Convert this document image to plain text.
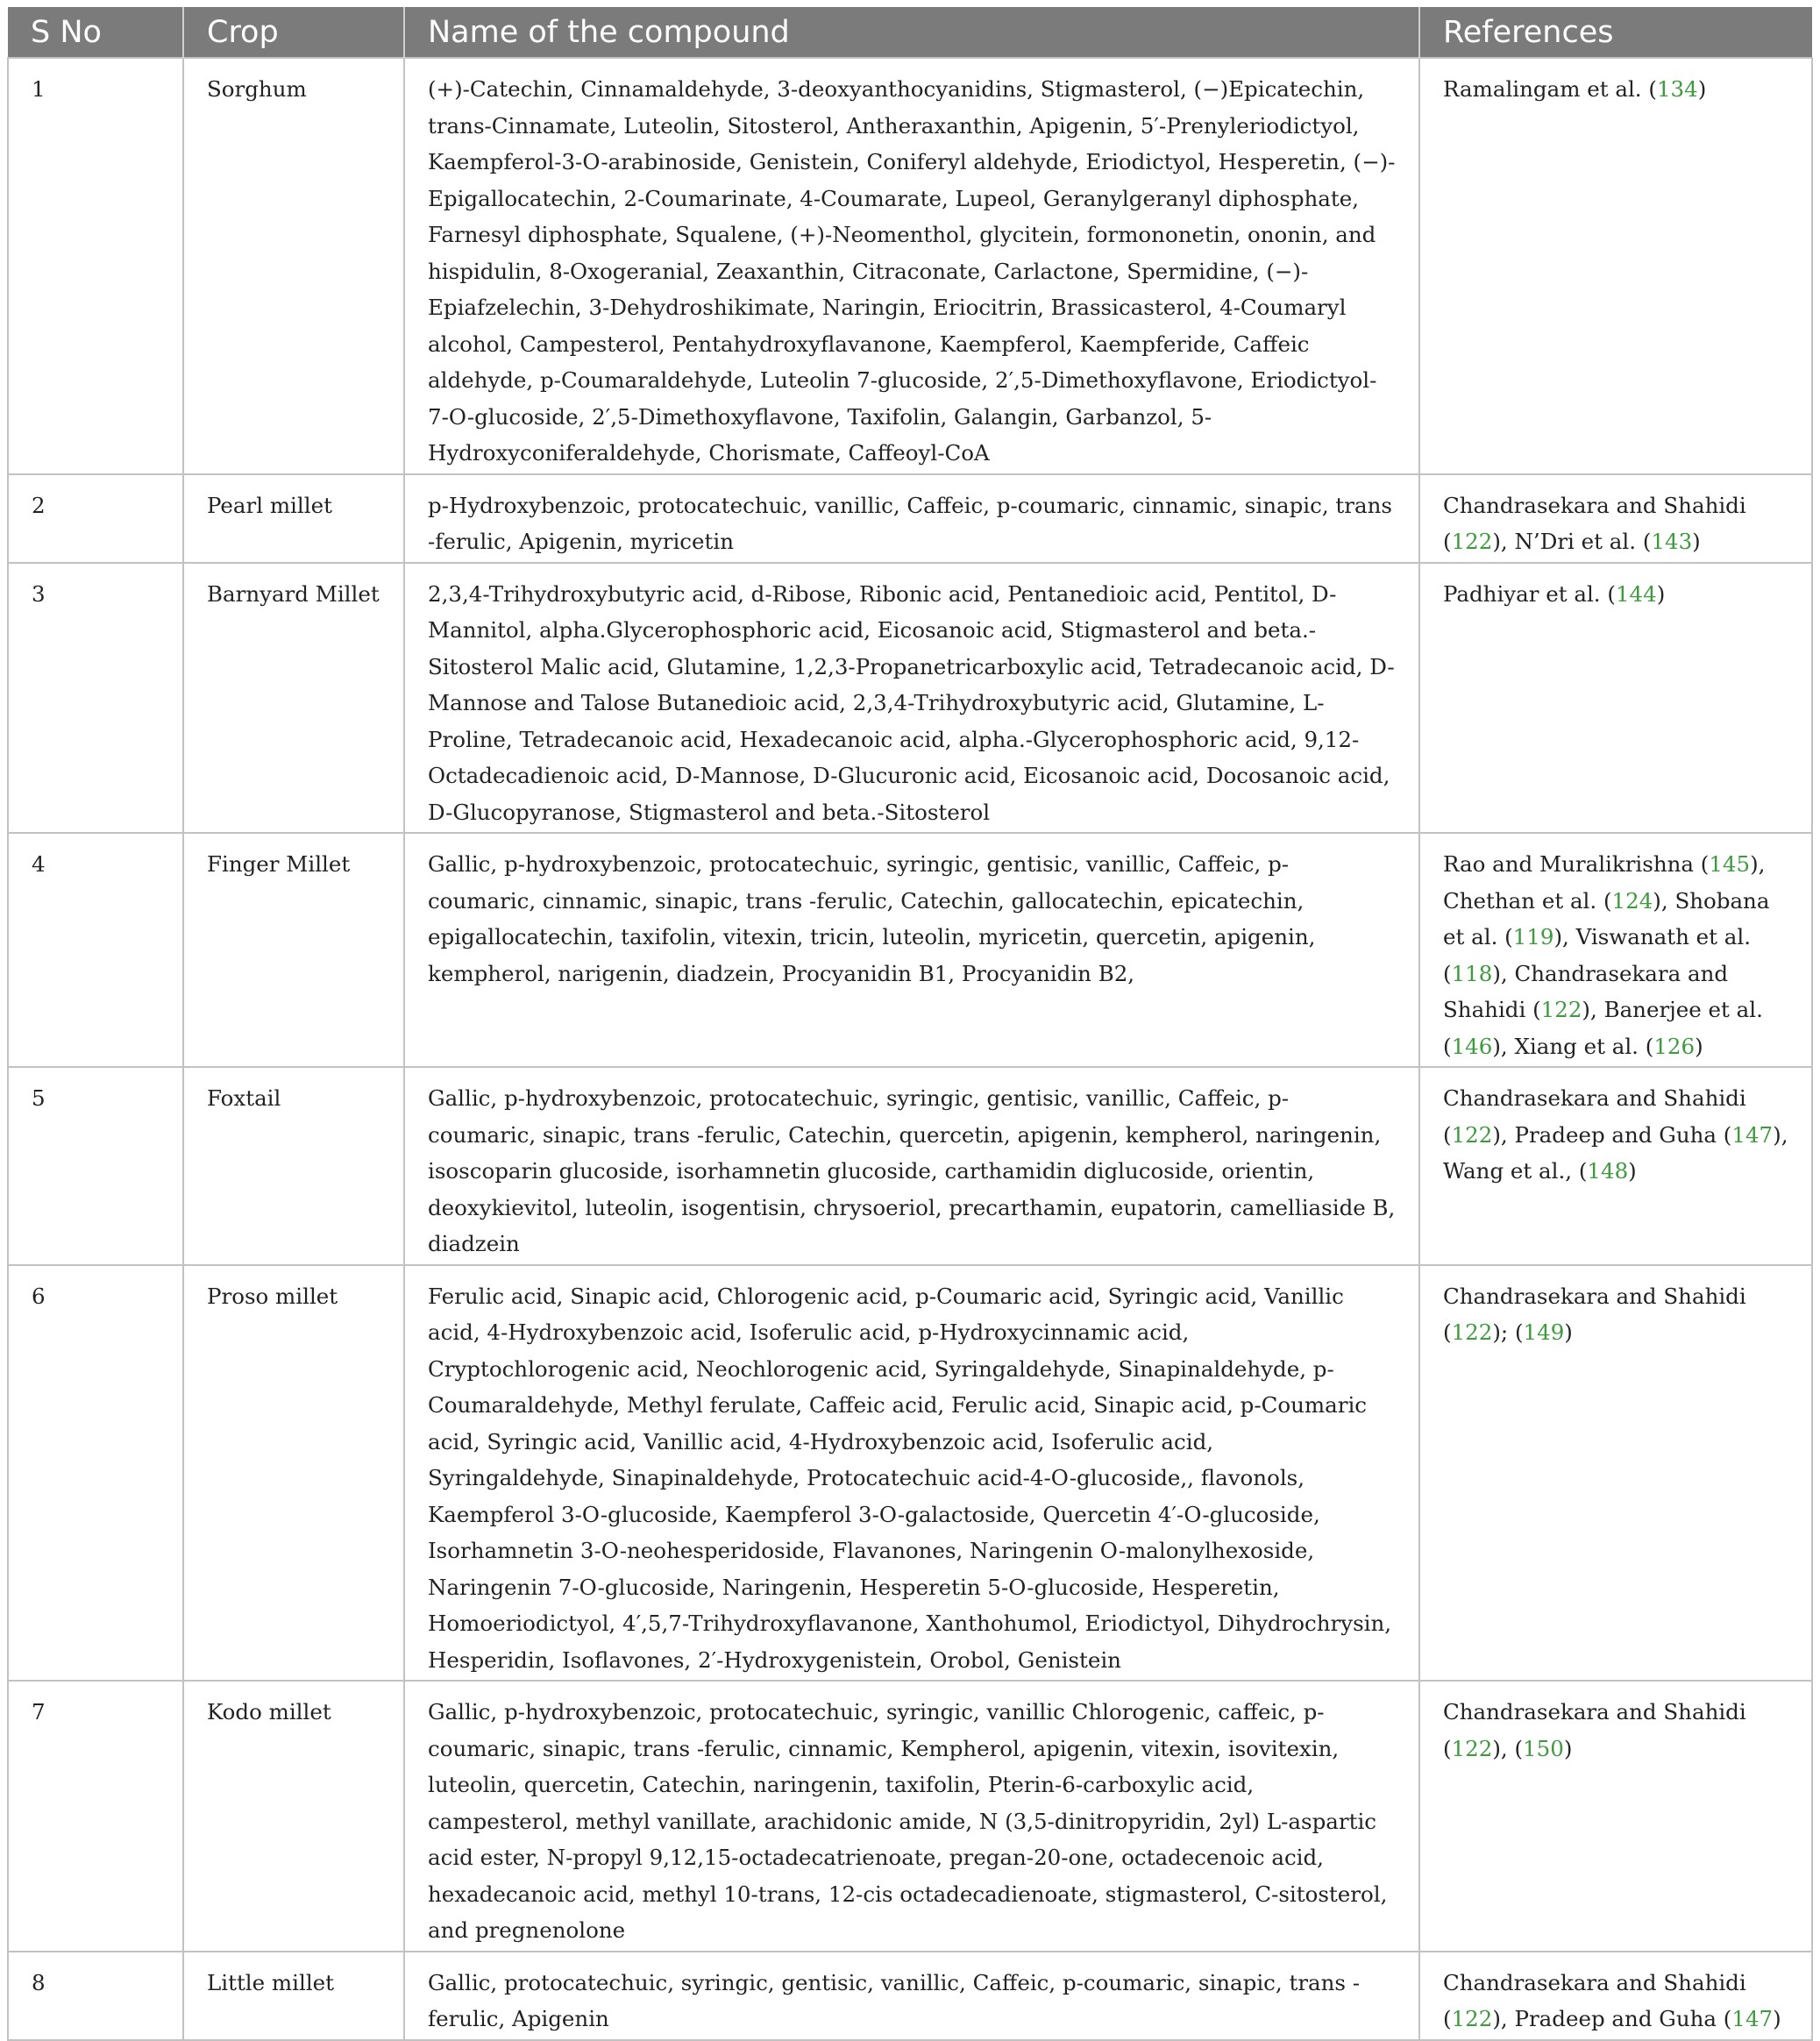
S No	Crop	Name of the compound	References
1	Sorghum	(+)-Catechin, Cinnamaldehyde, 3-deoxyanthocyanidins, Stigmasterol, (−)Epicatechin, trans-Cinnamate, Luteolin, Sitosterol, Antheraxanthin, Apigenin, 5′-Prenyleriodictyol, Kaempferol-3-O-arabinoside, Genistein, Coniferyl aldehyde, Eriodictyol, Hesperetin, (−)-Epigallocatechin, 2-Coumarinate, 4-Coumarate, Lupeol, Geranylgeranyl diphosphate, Farnesyl diphosphate, Squalene, (+)-Neomenthol, glycitein, formononetin, ononin, and hispidulin, 8-Oxogeranial, Zeaxanthin, Citraconate, Carlactone, Spermidine, (−)-Epiafzelechin, 3-Dehydroshikimate, Naringin, Eriocitrin, Brassicasterol, 4-Coumaryl alcohol, Campesterol, Pentahydroxyflavanone, Kaempferol, Kaempferide, Caffeic aldehyde, p-Coumaraldehyde, Luteolin 7-glucoside, 2′,5-Dimethoxyflavone, Eriodictyol-7-O-glucoside, 2′,5-Dimethoxyflavone, Taxifolin, Galangin, Garbanzol, 5-Hydroxyconiferaldehyde, Chorismate, Caffeoyl-CoA	Ramalingam et al. (134)
2	Pearl millet	p-Hydroxybenzoic, protocatechuic, vanillic, Caffeic, p-coumaric, cinnamic, sinapic, trans -ferulic, Apigenin, myricetin	Chandrasekara and Shahidi (122), N’Dri et al. (143)
3	Barnyard Millet	2,3,4-Trihydroxybutyric acid, d-Ribose, Ribonic acid, Pentanedioic acid, Pentitol, D-Mannitol, alpha.Glycerophosphoric acid, Eicosanoic acid, Stigmasterol and beta.-Sitosterol Malic acid, Glutamine, 1,2,3-Propanetricarboxylic acid, Tetradecanoic acid, D-Mannose and Talose Butanedioic acid, 2,3,4-Trihydroxybutyric acid, Glutamine, L-Proline, Tetradecanoic acid, Hexadecanoic acid, alpha.-Glycerophosphoric acid, 9,12-Octadecadienoic acid, D-Mannose, D-Glucuronic acid, Eicosanoic acid, Docosanoic acid, D-Glucopyranose, Stigmasterol and beta.-Sitosterol	Padhiyar et al. (144)
4	Finger Millet	Gallic, p-hydroxybenzoic, protocatechuic, syringic, gentisic, vanillic, Caffeic, p-coumaric, cinnamic, sinapic, trans -ferulic, Catechin, gallocatechin, epicatechin, epigallocatechin, taxifolin, vitexin, tricin, luteolin, myricetin, quercetin, apigenin, kempherol, narigenin, diadzein, Procyanidin B1, Procyanidin B2,	Rao and Muralikrishna (145), Chethan et al. (124), Shobana et al. (119), Viswanath et al. (118), Chandrasekara and Shahidi (122), Banerjee et al. (146), Xiang et al. (126)
5	Foxtail	Gallic, p-hydroxybenzoic, protocatechuic, syringic, gentisic, vanillic, Caffeic, p-coumaric, sinapic, trans -ferulic, Catechin, quercetin, apigenin, kempherol, naringenin, isoscoparin glucoside, isorhamnetin glucoside, carthamidin diglucoside, orientin, deoxykievitol, luteolin, isogentisin, chrysoeriol, precarthamin, eupatorin, camelliaside B, diadzein	Chandrasekara and Shahidi (122), Pradeep and Guha (147), Wang et al., (148)
6	Proso millet	Ferulic acid, Sinapic acid, Chlorogenic acid, p-Coumaric acid, Syringic acid, Vanillic acid, 4-Hydroxybenzoic acid, Isoferulic acid, p-Hydroxycinnamic acid, Cryptochlorogenic acid, Neochlorogenic acid, Syringaldehyde, Sinapinaldehyde, p-Coumaraldehyde, Methyl ferulate, Caffeic acid, Ferulic acid, Sinapic acid, p-Coumaric acid, Syringic acid, Vanillic acid, 4-Hydroxybenzoic acid, Isoferulic acid, Syringaldehyde, Sinapinaldehyde, Protocatechuic acid-4-O-glucoside,, flavonols, Kaempferol 3-O-glucoside, Kaempferol 3-O-galactoside, Quercetin 4′-O-glucoside, Isorhamnetin 3-O-neohesperidoside, Flavanones, Naringenin O-malonylhexoside, Naringenin 7-O-glucoside, Naringenin, Hesperetin 5-O-glucoside, Hesperetin, Homoeriodictyol, 4′,5,7-Trihydroxyflavanone, Xanthohumol, Eriodictyol, Dihydrochrysin, Hesperidin, Isoflavones, 2′-Hydroxygenistein, Orobol, Genistein	Chandrasekara and Shahidi (122); (149)
7	Kodo millet	Gallic, p-hydroxybenzoic, protocatechuic, syringic, vanillic Chlorogenic, caffeic, p-coumaric, sinapic, trans -ferulic, cinnamic, Kempherol, apigenin, vitexin, isovitexin, luteolin, quercetin, Catechin, naringenin, taxifolin, Pterin-6-carboxylic acid, campesterol, methyl vanillate, arachidonic amide, N (3,5-dinitropyridin, 2yl) L-aspartic acid ester, N-propyl 9,12,15-octadecatrienoate, pregan-20-one, octadecenoic acid, hexadecanoic acid, methyl 10-trans, 12-cis octadecadienoate, stigmasterol, C-sitosterol, and pregnenolone	Chandrasekara and Shahidi (122), (150)
8	Little millet	Gallic, protocatechuic, syringic, gentisic, vanillic, Caffeic, p-coumaric, sinapic, trans -ferulic, Apigenin	Chandrasekara and Shahidi (122), Pradeep and Guha (147)
